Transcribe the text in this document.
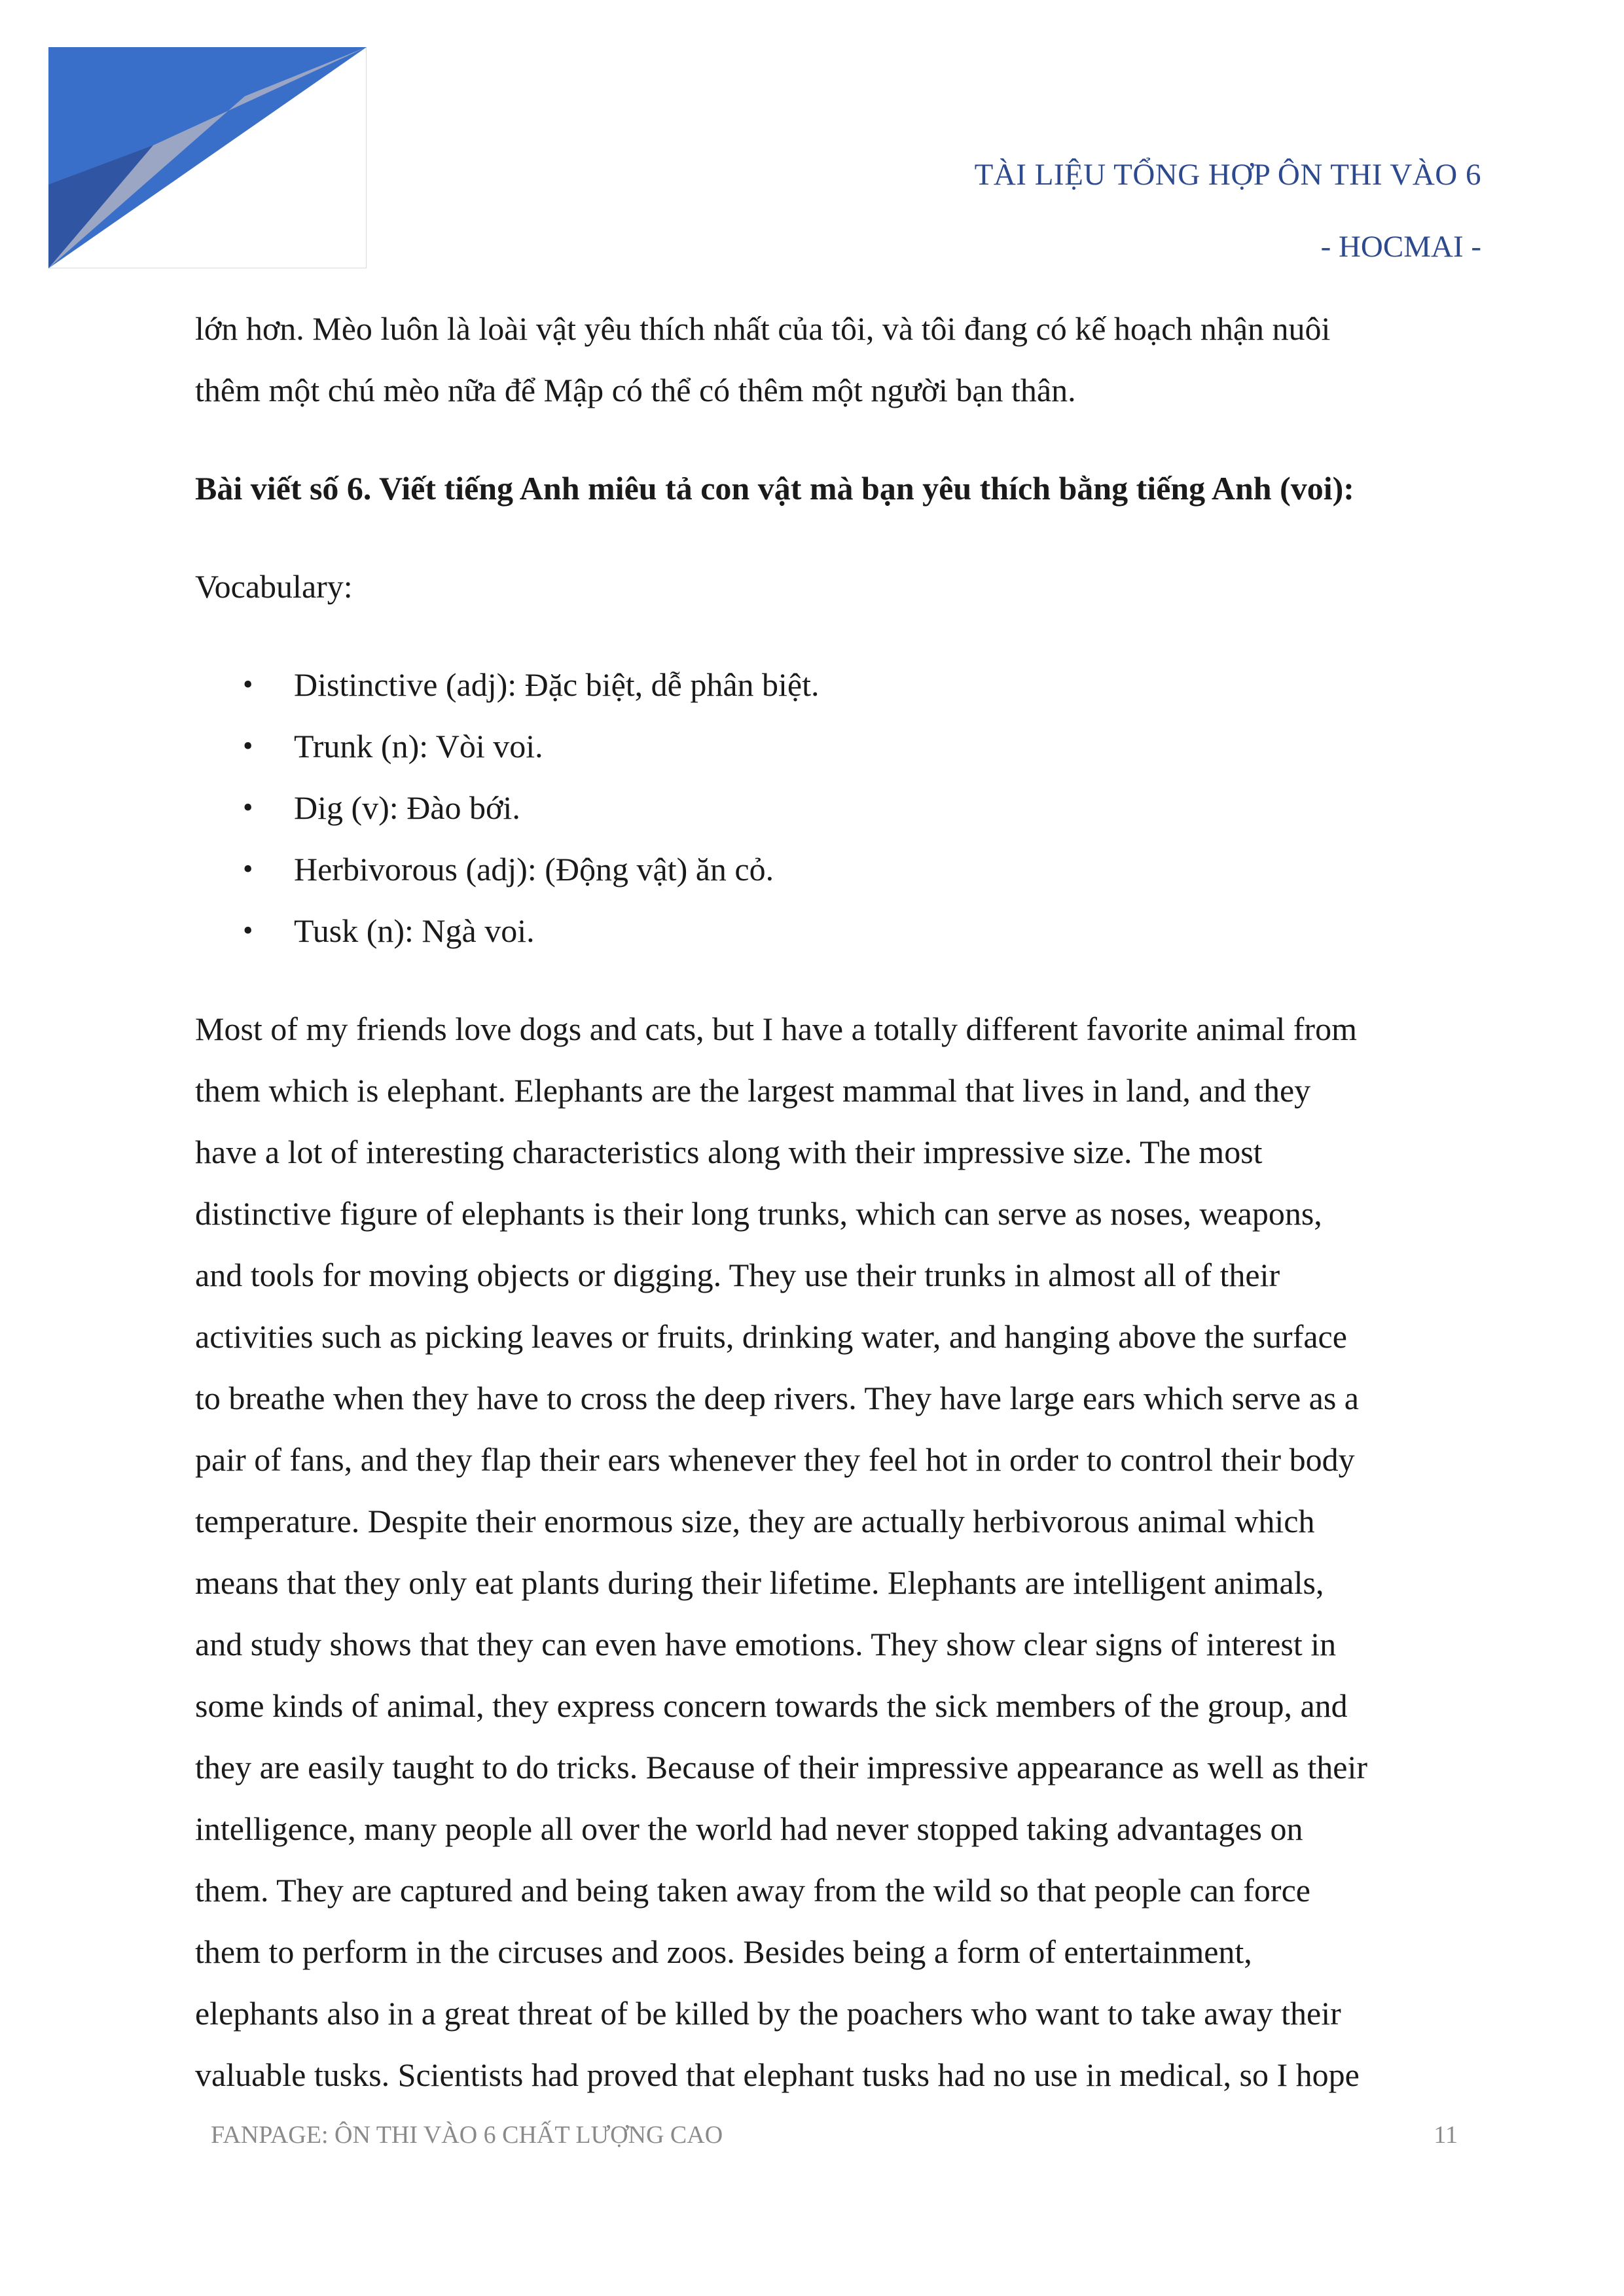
TÀI LIỆU TỔNG HỢP ÔN THI VÀO 6
- HOCMAI -

lớn hơn. Mèo luôn là loài vật yêu thích nhất của tôi, và tôi đang có kế hoạch nhận nuôi

thêm một chú mèo nữa để Mập có thể có thêm một người bạn thân.

Bài viết số 6. Viết tiếng Anh miêu tả con vật mà bạn yêu thích bằng tiếng Anh (voi):

Vocabulary:

• Distinctive (adj): Đặc biệt, dễ phân biệt.
• Trunk (n): Vòi voi.
• Dig (v): Đào bới.
• Herbivorous (adj): (Động vật) ăn cỏ.
• Tusk (n): Ngà voi.
Most of my friends love dogs and cats, but I have a totally different favorite animal from
them which is elephant. Elephants are the largest mammal that lives in land, and they
have a lot of interesting characteristics along with their impressive size. The most
distinctive figure of elephants is their long trunks, which can serve as noses, weapons,
and tools for moving objects or digging. They use their trunks in almost all of their
activities such as picking leaves or fruits, drinking water, and hanging above the surface
to breathe when they have to cross the deep rivers. They have large ears which serve as a
pair of fans, and they flap their ears whenever they feel hot in order to control their body
temperature. Despite their enormous size, they are actually herbivorous animal which
means that they only eat plants during their lifetime. Elephants are intelligent animals,
and study shows that they can even have emotions. They show clear signs of interest in
some kinds of animal, they express concern towards the sick members of the group, and
they are easily taught to do tricks. Because of their impressive appearance as well as their
intelligence, many people all over the world had never stopped taking advantages on
them. They are captured and being taken away from the wild so that people can force
them to perform in the circuses and zoos. Besides being a form of entertainment,
elephants also in a great threat of be killed by the poachers who want to take away their
valuable tusks. Scientists had proved that elephant tusks had no use in medical, so I hope
FANPAGE: ÔN THI VÀO 6 CHẤT LƯỢNG CAO	11
